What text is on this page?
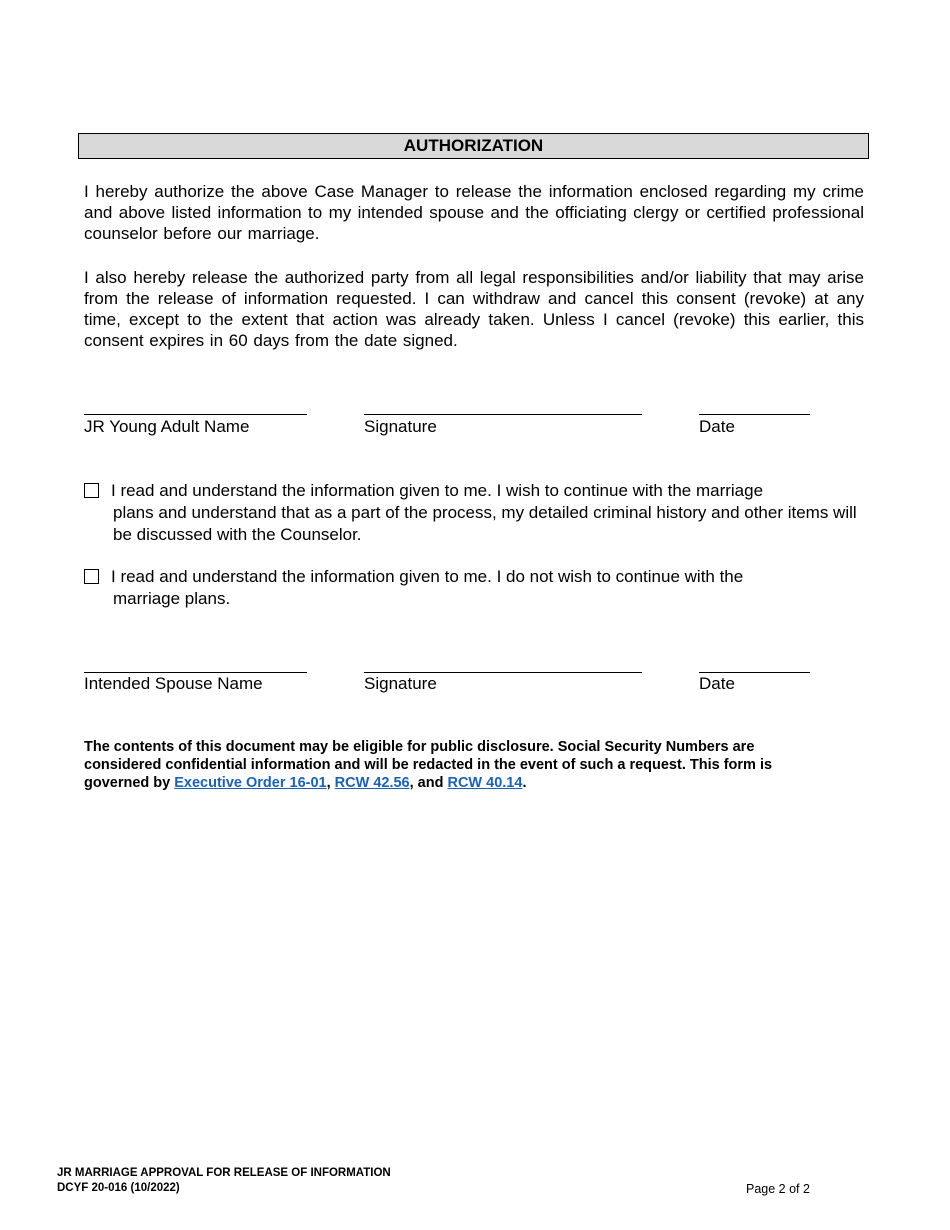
AUTHORIZATION
I hereby authorize the above Case Manager to release the information enclosed regarding my crime and above listed information to my intended spouse and the officiating clergy or certified professional counselor before our marriage.
I also hereby release the authorized party from all legal responsibilities and/or liability that may arise from the release of information requested. I can withdraw and cancel this consent (revoke) at any time, except to the extent that action was already taken. Unless I cancel (revoke) this earlier, this consent expires in 60 days from the date signed.
JR Young Adult Name	Signature	Date
I read and understand the information given to me. I wish to continue with the marriage
plans and understand that as a part of the process, my detailed criminal history and other items will be discussed with the Counselor.
I read and understand the information given to me. I do not wish to continue with the
marriage plans.
Intended Spouse Name	Signature	Date
The contents of this document may be eligible for public disclosure. Social Security Numbers are considered confidential information and will be redacted in the event of such a request. This form is governed by Executive Order 16-01, RCW 42.56, and RCW 40.14.
JR MARRIAGE APPROVAL FOR RELEASE OF INFORMATION
DCYF 20-016 (10/2022)	Page 2 of 2
